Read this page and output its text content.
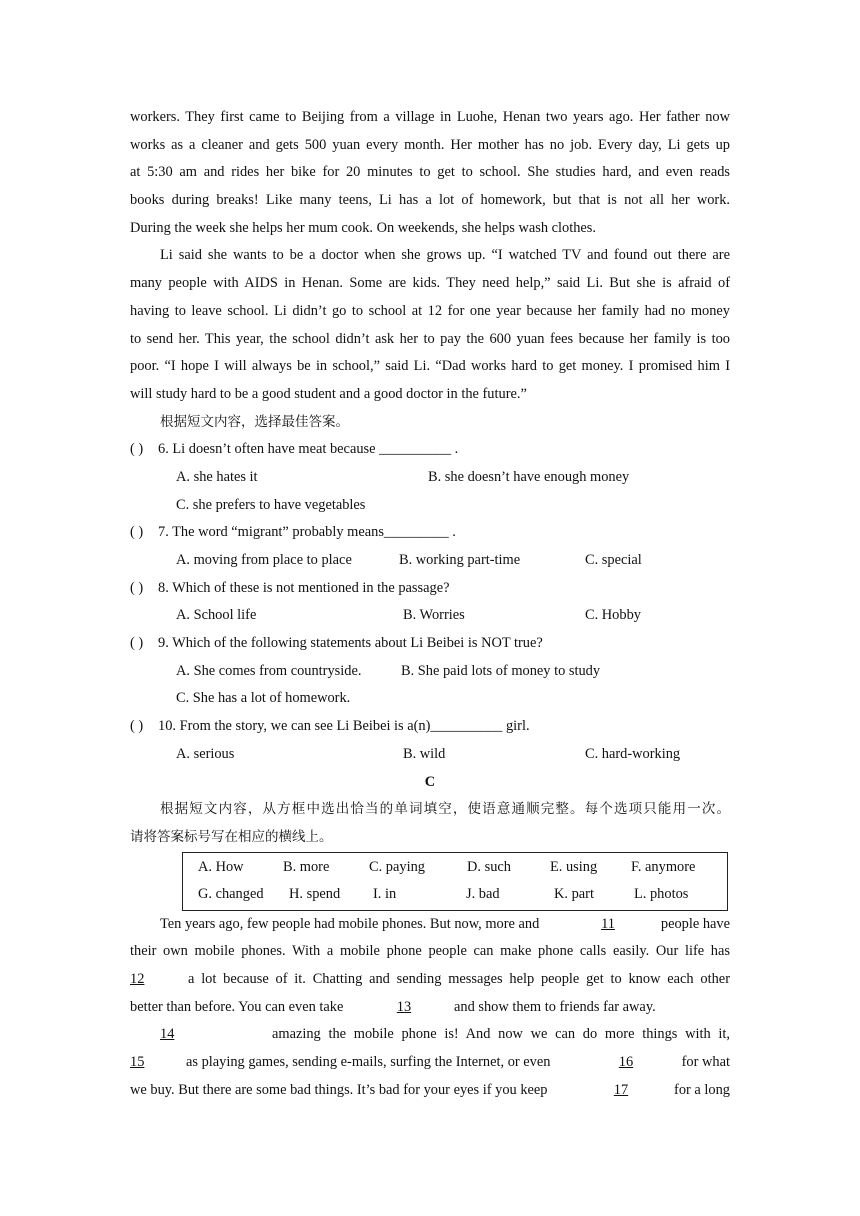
workers. They first came to Beijing from a village in Luohe, Henan two years ago. Her father now
works as a cleaner and gets 500 yuan every month. Her mother has no job. Every day, Li gets up
at 5:30 am and rides her bike for 20 minutes to get to school. She studies hard, and even reads
books during breaks! Like many teens, Li has a lot of homework, but that is not all her work.
During the week she helps her mum cook. On weekends, she helps wash clothes.
Li said she wants to be a doctor when she grows up. “I watched TV and found out there are
many people with AIDS in Henan. Some are kids. They need help,” said Li. But she is afraid of
having to leave school. Li didn’t go to school at 12 for one year because her family had no money
to send her. This year, the school didn’t ask her to pay the 600 yuan fees because her family is too
poor. “I hope I will always be in school,” said Li. “Dad works hard to get money. I promised him I
will study hard to be a good student and a good doctor in the future.”
根据短文内容，选择最佳答案。
( ) 6. Li doesn’t often have meat because __________ .
A. she hates it	B. she doesn’t have enough money
C. she prefers to have vegetables
( ) 7. The word “migrant” probably means_________ .
A. moving from place to place	B. working part-time	C. special
( ) 8. Which of these is not mentioned in the passage?
A. School life	B. Worries	C. Hobby
( ) 9. Which of the following statements about Li Beibei is NOT true?
A. She comes from countryside.	B. She paid lots of money to study
C. She has a lot of homework.
( ) 10. From the story, we can see Li Beibei is a(n)__________ girl.
A. serious	B. wild	C. hard-working
C
根据短文内容，从方框中选出恰当的单词填空，使语意通顺完整。每个选项只能用一次。
请将答案标号写在相应的横线上。
A. How	B. more	C. paying	D. such	E. using F. anymore
G. changed H. spend I. in	J. bad	K. part	L. photos
Ten years ago, few people had mobile phones. But now, more and	11	people have
their own mobile phones. With a mobile phone people can make phone calls easily. Our life has
12	a lot because of it. Chatting and sending messages help people get to know each other
better than before. You can even take	13	and show them to friends far away.
14	amazing the mobile phone is! And now we can do more things with it,
15	as playing games, sending e-mails, surfing the Internet, or even	16	for what
we buy. But there are some bad things. It’s bad for your eyes if you keep	17	for a long
